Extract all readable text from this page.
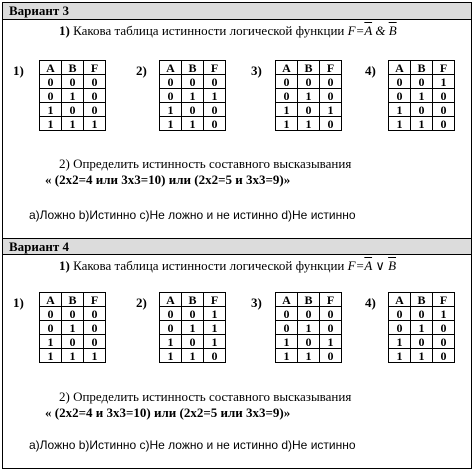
Вариант 3
1) Какова таблица истинности логической функции $F=\overline{A}$ & $\overline{B}$
1) A	B	F
0	0	0
0	1	0
1	0	0
1	1	1
2) A	B	F
0	0	0
0	1	1
1	0	0
1	1	0
3) A	B	F
0	0	0
0	1	0
1	0	1
1	1	0
4) A	B	F
0	0	1
0	1	0
1	0	0
1	1	0
2) Определить истинность составного высказывания
« (2х2=4 или 3х3=10) или (2х2=5 и 3х3=9)»
a)Ложно b)Истинно c)Не ложно и не истинно d)Не истинно
Вариант 4
1) Какова таблица истинности логической функции $F=\overline{A}$ ∨ $\overline{B}$
1) A	B	F
0	0	0
0	1	0
1	0	0
1	1	1
2) A	B	F
0	0	1
0	1	1
1	0	1
1	1	0
3) A	B	F
0	0	0
0	1	0
1	0	1
1	1	0
4) A	B	F
0	0	1
0	1	0
1	0	0
1	1	0
2) Определить истинность составного высказывания
« (2х2=4 и 3х3=10) или (2х2=5 или 3х3=9)»
a)Ложно b)Истинно c)Не ложно и не истинно d)Не истинно
